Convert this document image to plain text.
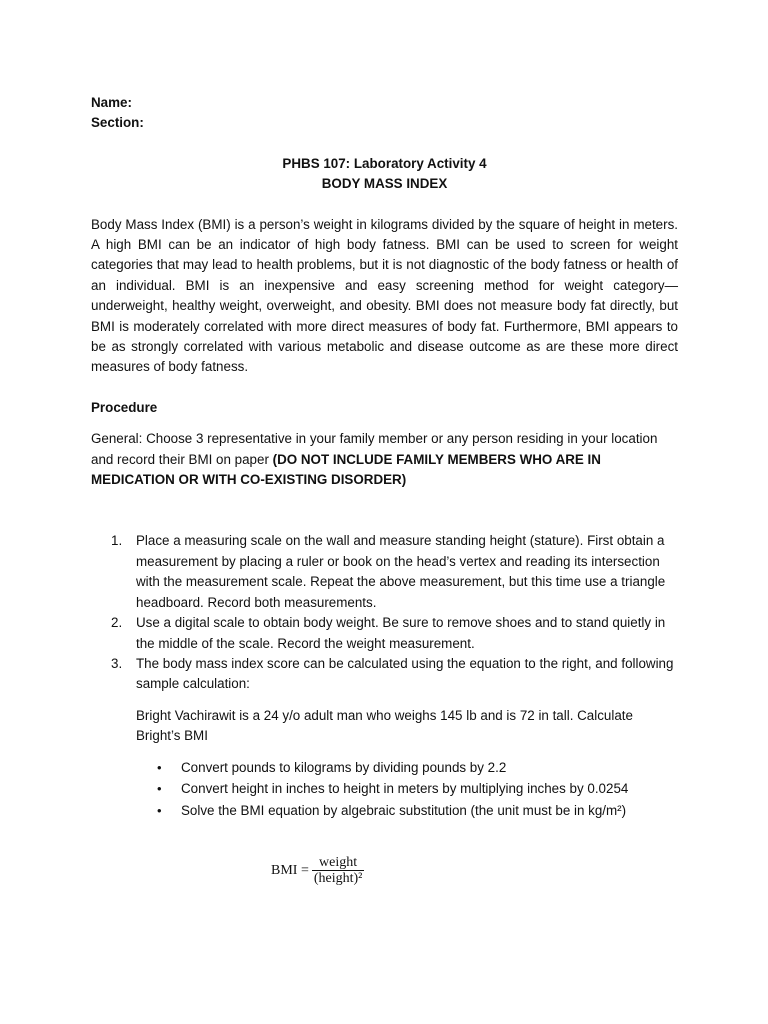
Name:
Section:
PHBS 107: Laboratory Activity 4
BODY MASS INDEX
Body Mass Index (BMI) is a person’s weight in kilograms divided by the square of height in meters. A high BMI can be an indicator of high body fatness. BMI can be used to screen for weight categories that may lead to health problems, but it is not diagnostic of the body fatness or health of an individual. BMI is an inexpensive and easy screening method for weight category—underweight, healthy weight, overweight, and obesity. BMI does not measure body fat directly, but BMI is moderately correlated with more direct measures of body fat. Furthermore, BMI appears to be as strongly correlated with various metabolic and disease outcome as are these more direct measures of body fatness.
Procedure
General: Choose 3 representative in your family member or any person residing in your location and record their BMI on paper (DO NOT INCLUDE FAMILY MEMBERS WHO ARE IN MEDICATION OR WITH CO-EXISTING DISORDER)
1. Place a measuring scale on the wall and measure standing height (stature). First obtain a measurement by placing a ruler or book on the head’s vertex and reading its intersection with the measurement scale. Repeat the above measurement, but this time use a triangle headboard. Record both measurements.
2. Use a digital scale to obtain body weight. Be sure to remove shoes and to stand quietly in the middle of the scale. Record the weight measurement.
3. The body mass index score can be calculated using the equation to the right, and following sample calculation:
Bright Vachirawit is a 24 y/o adult man who weighs 145 lb and is 72 in tall. Calculate Bright’s BMI
• Convert pounds to kilograms by dividing pounds by 2.2
• Convert height in inches to height in meters by multiplying inches by 0.0254
• Solve the BMI equation by algebraic substitution (the unit must be in kg/m²)
BMI = $\frac{\text{weight}}{\text{(height)²}}$
